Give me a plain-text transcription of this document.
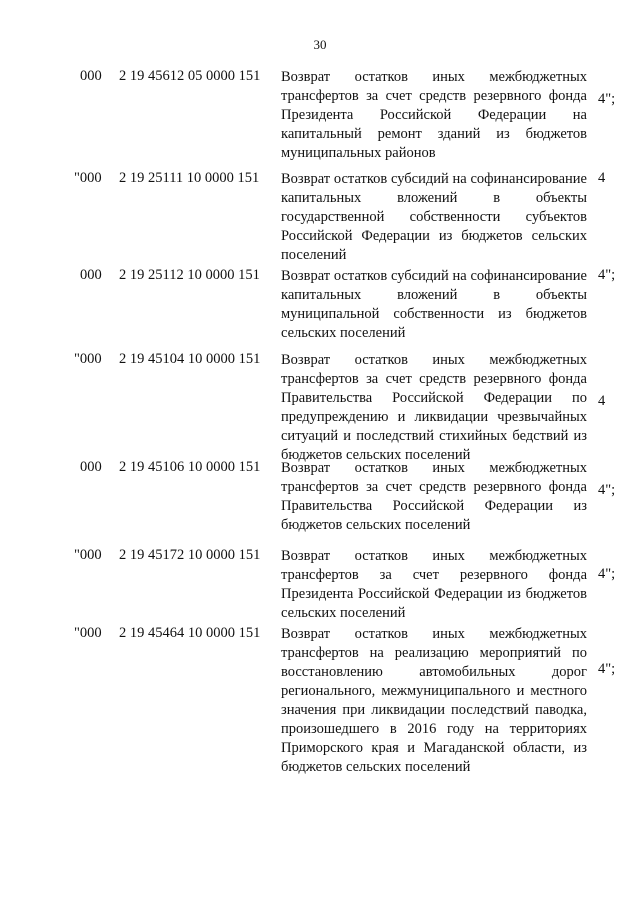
30
000 2 19 45612 05 0000 151 Возврат остатков иных межбюджетных трансфертов за счет средств резервного фонда Президента Российской Федерации на капитальный ремонт зданий из бюджетов муниципальных районов
4";
"000 2 19 25111 10 0000 151 Возврат остатков субсидий на софинансирование капитальных вложений в объекты государственной собственности субъектов Российской Федерации из бюджетов сельских поселений
4
000 2 19 25112 10 0000 151 Возврат остатков субсидий на софинансирование капитальных вложений в объекты муниципальной собственности из бюджетов сельских поселений
4";
"000 2 19 45104 10 0000 151 Возврат остатков иных межбюджетных трансфертов за счет средств резервного фонда Правительства Российской Федерации по предупреждению и ликвидации чрезвычайных ситуаций и последствий стихийных бедствий из бюджетов сельских поселений
4
000 2 19 45106 10 0000 151 Возврат остатков иных межбюджетных трансфертов за счет средств резервного фонда Правительства Российской Федерации из бюджетов сельских поселений
4";
"000 2 19 45172 10 0000 151 Возврат остатков иных межбюджетных трансфертов за счет резервного фонда Президента Российской Федерации из бюджетов сельских поселений
4";
"000 2 19 45464 10 0000 151 Возврат остатков иных межбюджетных трансфертов на реализацию мероприятий по восстановлению автомобильных дорог регионального, межмуниципального и местного значения при ликвидации последствий паводка, произошедшего в 2016 году на территориях Приморского края и Магаданской области, из бюджетов сельских поселений
4";
